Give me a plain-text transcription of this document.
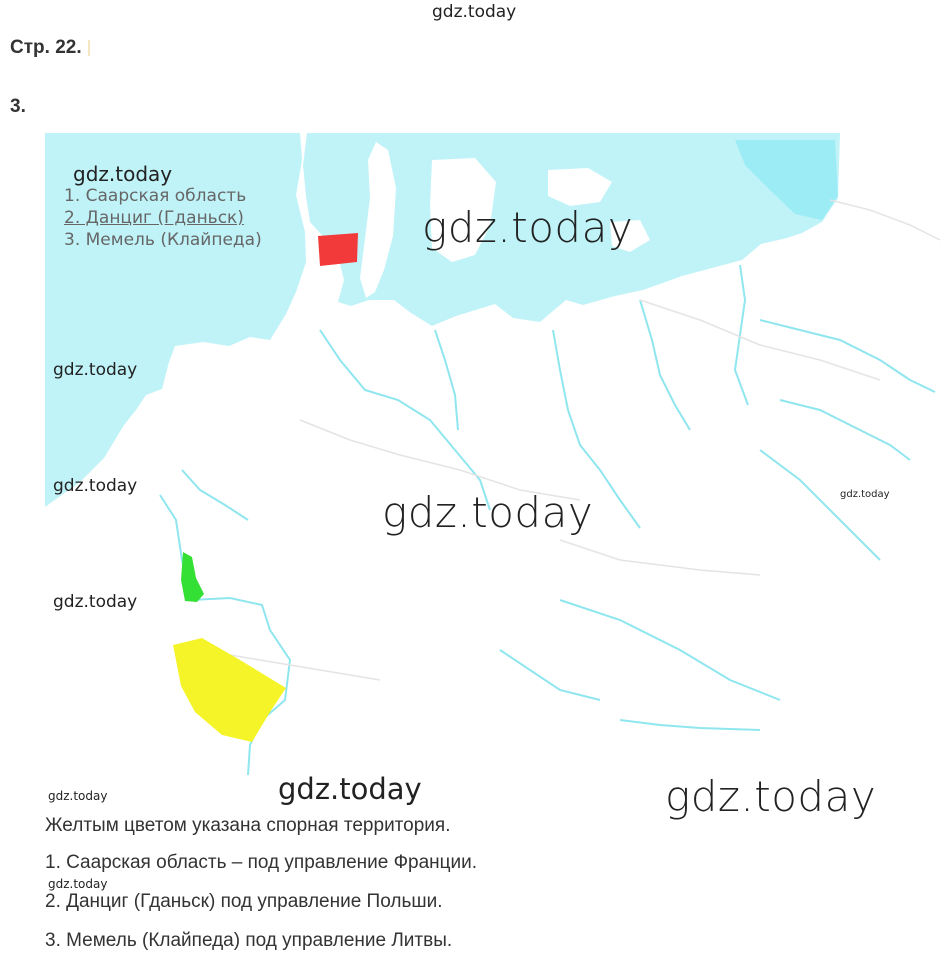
gdz.today
Стр. 22.
3.
1. Саарская область
2. Данциг (Гданьск)
3. Мемель (Клайпеда)
gdz.today
gdz.today
gdz.today
gdz.today
gdz.today	gdz.today
gdz.today
gdz.today	gdz.today
gdz.today
gdz.today
Желтым цветом указана спорная территория.
1. Саарская область – под управление Франции.
2. Данциг (Гданьск) под управление Польши.
3. Мемель (Клайпеда) под управление Литвы.
